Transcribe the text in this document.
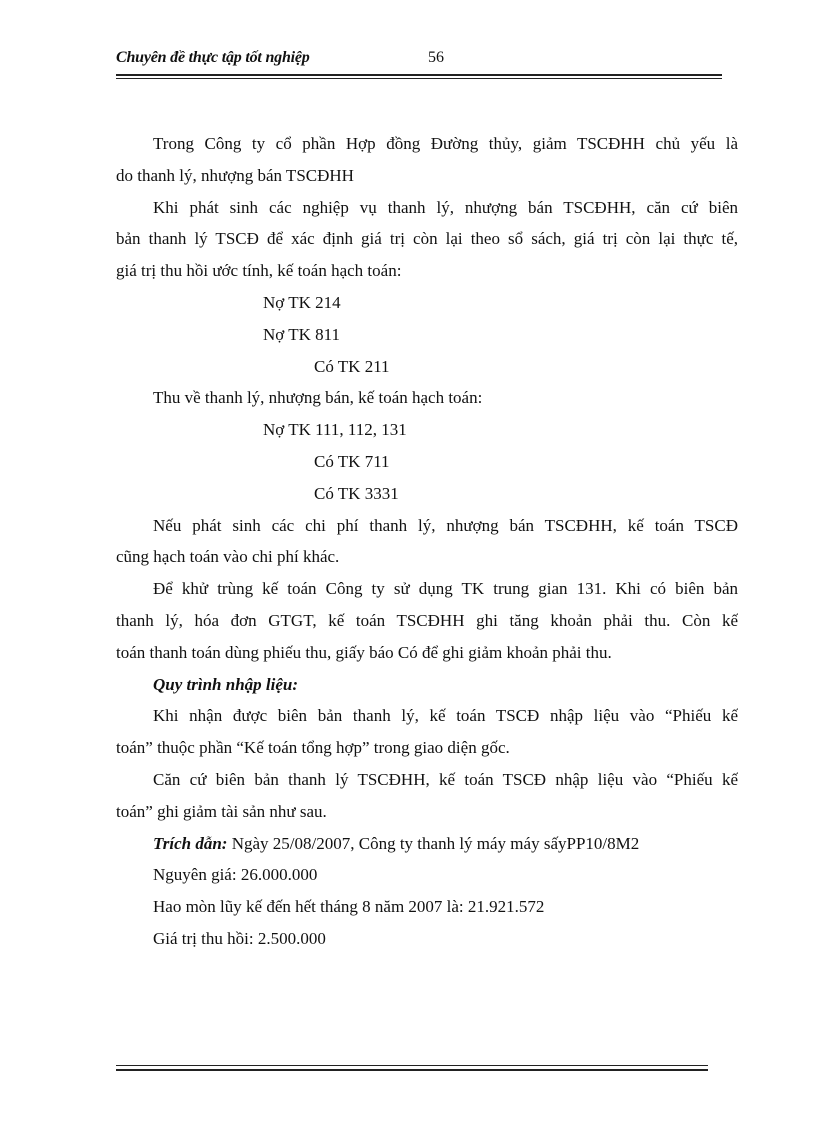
Chuyên đề thực tập tốt nghiệp	56
Trong Công ty cổ phần Hợp đồng Đường thủy, giảm TSCĐHH chủ yếu là
do thanh lý, nhượng bán TSCĐHH
Khi phát sinh các nghiệp vụ thanh lý, nhượng bán TSCĐHH, căn cứ biên
bản thanh lý TSCĐ để xác định giá trị còn lại theo sổ sách, giá trị còn lại thực tế,
giá trị thu hồi ước tính, kế toán hạch toán:
Nợ TK 214
Nợ TK 811
Có TK 211
Thu về thanh lý, nhượng bán, kế toán hạch toán:
Nợ TK 111, 112, 131
Có TK 711
Có TK 3331
Nếu phát sinh các chi phí thanh lý, nhượng bán TSCĐHH, kế toán TSCĐ
cũng hạch toán vào chi phí khác.
Để khử trùng kế toán Công ty sử dụng TK trung gian 131. Khi có biên bản
thanh lý, hóa đơn GTGT, kế toán TSCĐHH ghi tăng khoản phải thu. Còn kế
toán thanh toán dùng phiếu thu, giấy báo Có để ghi giảm khoản phải thu.
Quy trình nhập liệu:
Khi nhận được biên bản thanh lý, kế toán TSCĐ nhập liệu vào “Phiếu kế
toán” thuộc phần “Kế toán tổng hợp” trong giao diện gốc.
Căn cứ biên bản thanh lý TSCĐHH, kế toán TSCĐ nhập liệu vào “Phiếu kế
toán” ghi giảm tài sản như sau.
Trích dẫn: Ngày 25/08/2007, Công ty thanh lý máy máy sấyPP10/8M2
Nguyên giá: 26.000.000
Hao mòn lũy kế đến hết tháng 8 năm 2007 là: 21.921.572
Giá trị thu hồi: 2.500.000
